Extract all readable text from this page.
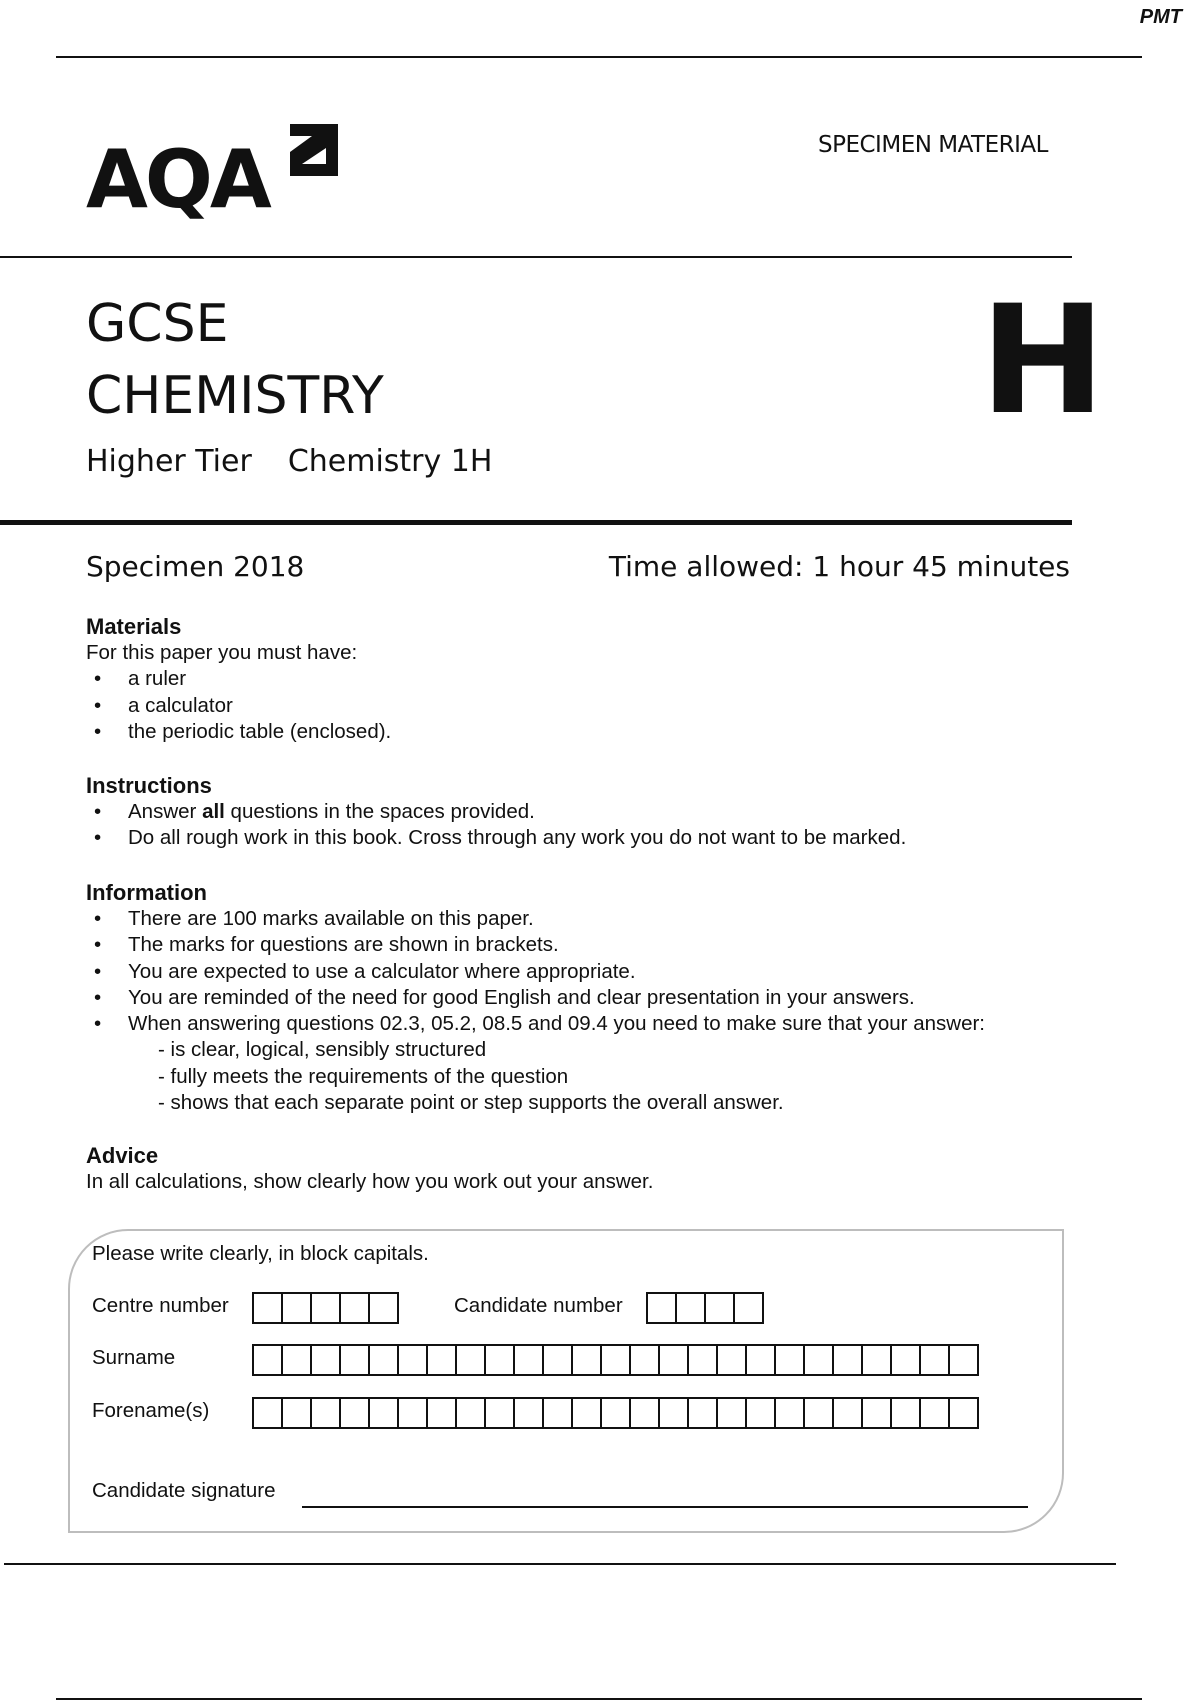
PMT
AQA	SPECIMEN MATERIAL
GCSE
CHEMISTRY
Higher Tier Chemistry 1H
H
Specimen 2018	Time allowed: 1 hour 45 minutes
Materials

For this paper you must have:

• a ruler
• a calculator
• the periodic table (enclosed).
Instructions
• Answer all questions in the spaces provided.
• Do all rough work in this book. Cross through any work you do not want to be marked.
Information
• There are 100 marks available on this paper.
• The marks for questions are shown in brackets.
• You are expected to use a calculator where appropriate.
• You are reminded of the need for good English and clear presentation in your answers.
• When answering questions 02.3, 05.2, 08.5 and 09.4 you need to make sure that your answer:
- is clear, logical, sensibly structured
- fully meets the requirements of the question
- shows that each separate point or step supports the overall answer.
Advice

In all calculations, show clearly how you work out your answer.

Please write clearly, in block capitals.
Centre number	Candidate number
Surname
Forename(s)
Candidate signature
